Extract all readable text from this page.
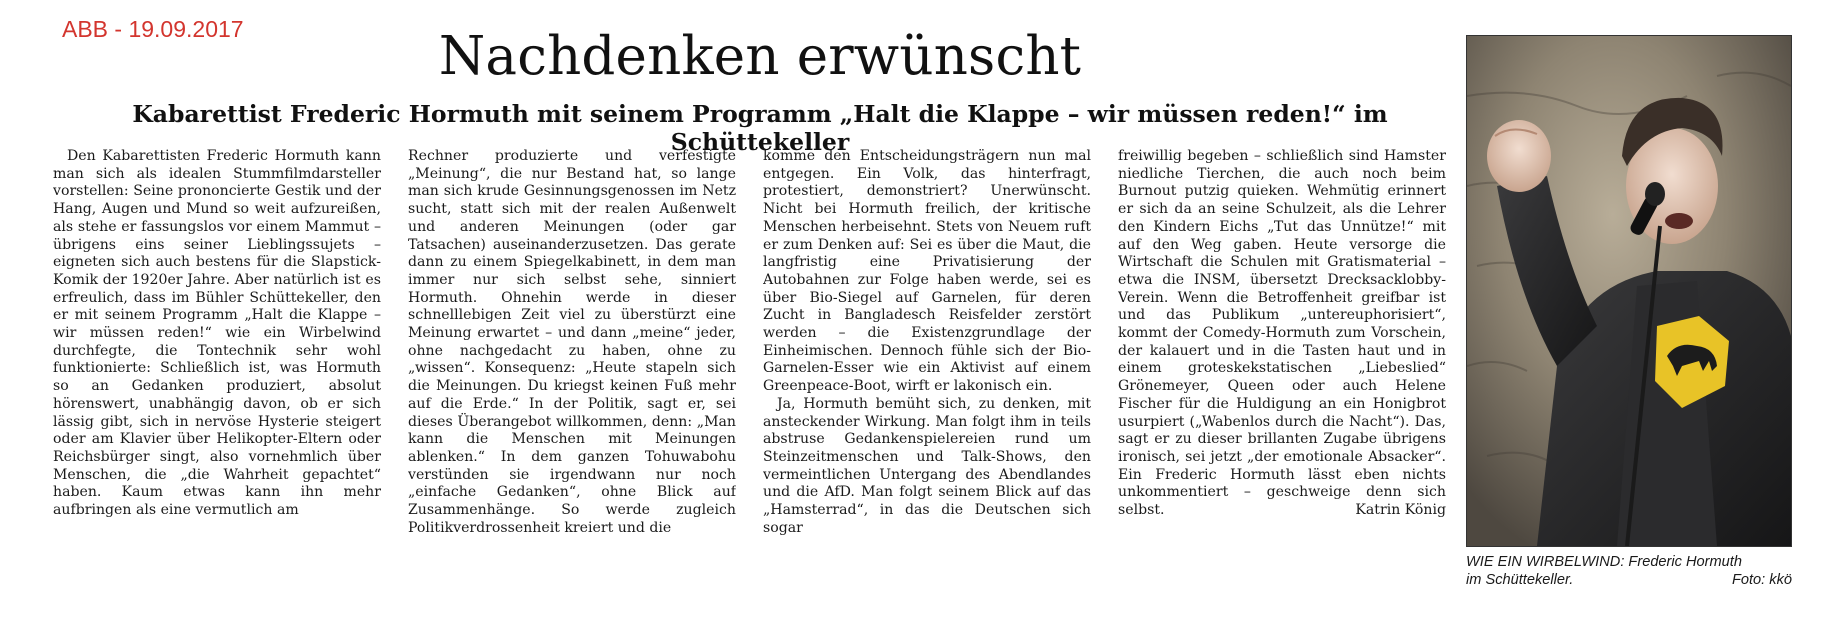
ABB - 19.09.2017	Nachdenken erwünscht
Kabarettist Frederic Hormuth mit seinem Programm „Halt die Klappe – wir müssen reden!“ im Schüttekeller

Den Kabarettisten Frederic Hormuth kann man sich als idealen Stummfilmdarsteller vorstellen: Seine prononcierte Gestik und der Hang, Augen und Mund so weit aufzureißen, als stehe er fassungslos vor einem Mammut – übrigens eins seiner Lieblingssujets – eigneten sich auch bestens für die Slapstick-Komik der 1920er Jahre. Aber natürlich ist es erfreulich, dass im Bühler Schüttekeller, den er mit seinem Programm „Halt die Klappe – wir müssen reden!“ wie ein Wirbelwind durchfegte, die Tontechnik sehr wohl funktionierte: Schließlich ist, was Hormuth so an Gedanken produziert, absolut hörenswert, unabhängig davon, ob er sich lässig gibt, sich in nervöse Hysterie steigert oder am Klavier über Helikopter-Eltern oder Reichsbürger singt, also vornehmlich über Menschen, die „die Wahrheit gepachtet“ haben. Kaum etwas kann ihn mehr aufbringen als eine vermutlich am

Rechner produzierte und verfestigte „Meinung“, die nur Bestand hat, so lange man sich krude Gesinnungsgenossen im Netz sucht, statt sich mit der realen Außenwelt und anderen Meinungen (oder gar Tatsachen) auseinanderzusetzen. Das gerate dann zu einem Spiegelkabinett, in dem man immer nur sich selbst sehe, sinniert Hormuth. Ohnehin werde in dieser schnelllebigen Zeit viel zu überstürzt eine Meinung erwartet – und dann „meine“ jeder, ohne nachgedacht zu haben, ohne zu „wissen“. Konsequenz: „Heute stapeln sich die Meinungen. Du kriegst keinen Fuß mehr auf die Erde.“ In der Politik, sagt er, sei dieses Überangebot willkommen, denn: „Man kann die Menschen mit Meinungen ablenken.“ In dem ganzen Tohuwabohu verstünden sie irgendwann nur noch „einfache Gedanken“, ohne Blick auf Zusammenhänge. So werde zugleich Politikverdrossenheit kreiert und die

komme den Entscheidungsträgern nun mal entgegen. Ein Volk, das hinterfragt, protestiert, demonstriert? Unerwünscht. Nicht bei Hormuth freilich, der kritische Menschen herbeisehnt. Stets von Neuem ruft er zum Denken auf: Sei es über die Maut, die langfristig eine Privatisierung der Autobahnen zur Folge haben werde, sei es über Bio-Siegel auf Garnelen, für deren Zucht in Bangladesch Reisfelder zerstört werden – die Existenzgrundlage der Einheimischen. Dennoch fühle sich der Bio-Garnelen-Esser wie ein Aktivist auf einem Greenpeace-Boot, wirft er lakonisch ein.

Ja, Hormuth bemüht sich, zu denken, mit ansteckender Wirkung. Man folgt ihm in teils abstruse Gedankenspielereien rund um Steinzeitmenschen und Talk-Shows, den vermeintlichen Untergang des Abendlandes und die AfD. Man folgt seinem Blick auf das „Hamsterrad“, in das die Deutschen sich sogar

freiwillig begeben – schließlich sind Hamster niedliche Tierchen, die auch noch beim Burnout putzig quieken. Wehmütig erinnert er sich da an seine Schulzeit, als die Lehrer den Kindern Eichs „Tut das Unnütze!“ mit auf den Weg gaben. Heute versorge die Wirtschaft die Schulen mit Gratismaterial – etwa die INSM, übersetzt Drecksacklobby-Verein. Wenn die Betroffenheit greifbar ist und das Publikum „untereuphorisiert“, kommt der Comedy-Hormuth zum Vorschein, der kalauert und in die Tasten haut und in einem groteskekstatischen „Liebeslied“ Grönemeyer, Queen oder auch Helene Fischer für die Huldigung an ein Honigbrot usurpiert („Wabenlos durch die Nacht“). Das, sagt er zu dieser brillanten Zugabe übrigens ironisch, sei jetzt „der emotionale Absacker“. Ein Frederic Hormuth lässt eben nichts unkommentiert – geschweige denn sich selbst.	Katrin König

WIE EIN WIRBELWIND: Frederic Hormuth
im Schüttekeller.	Foto: kkö
